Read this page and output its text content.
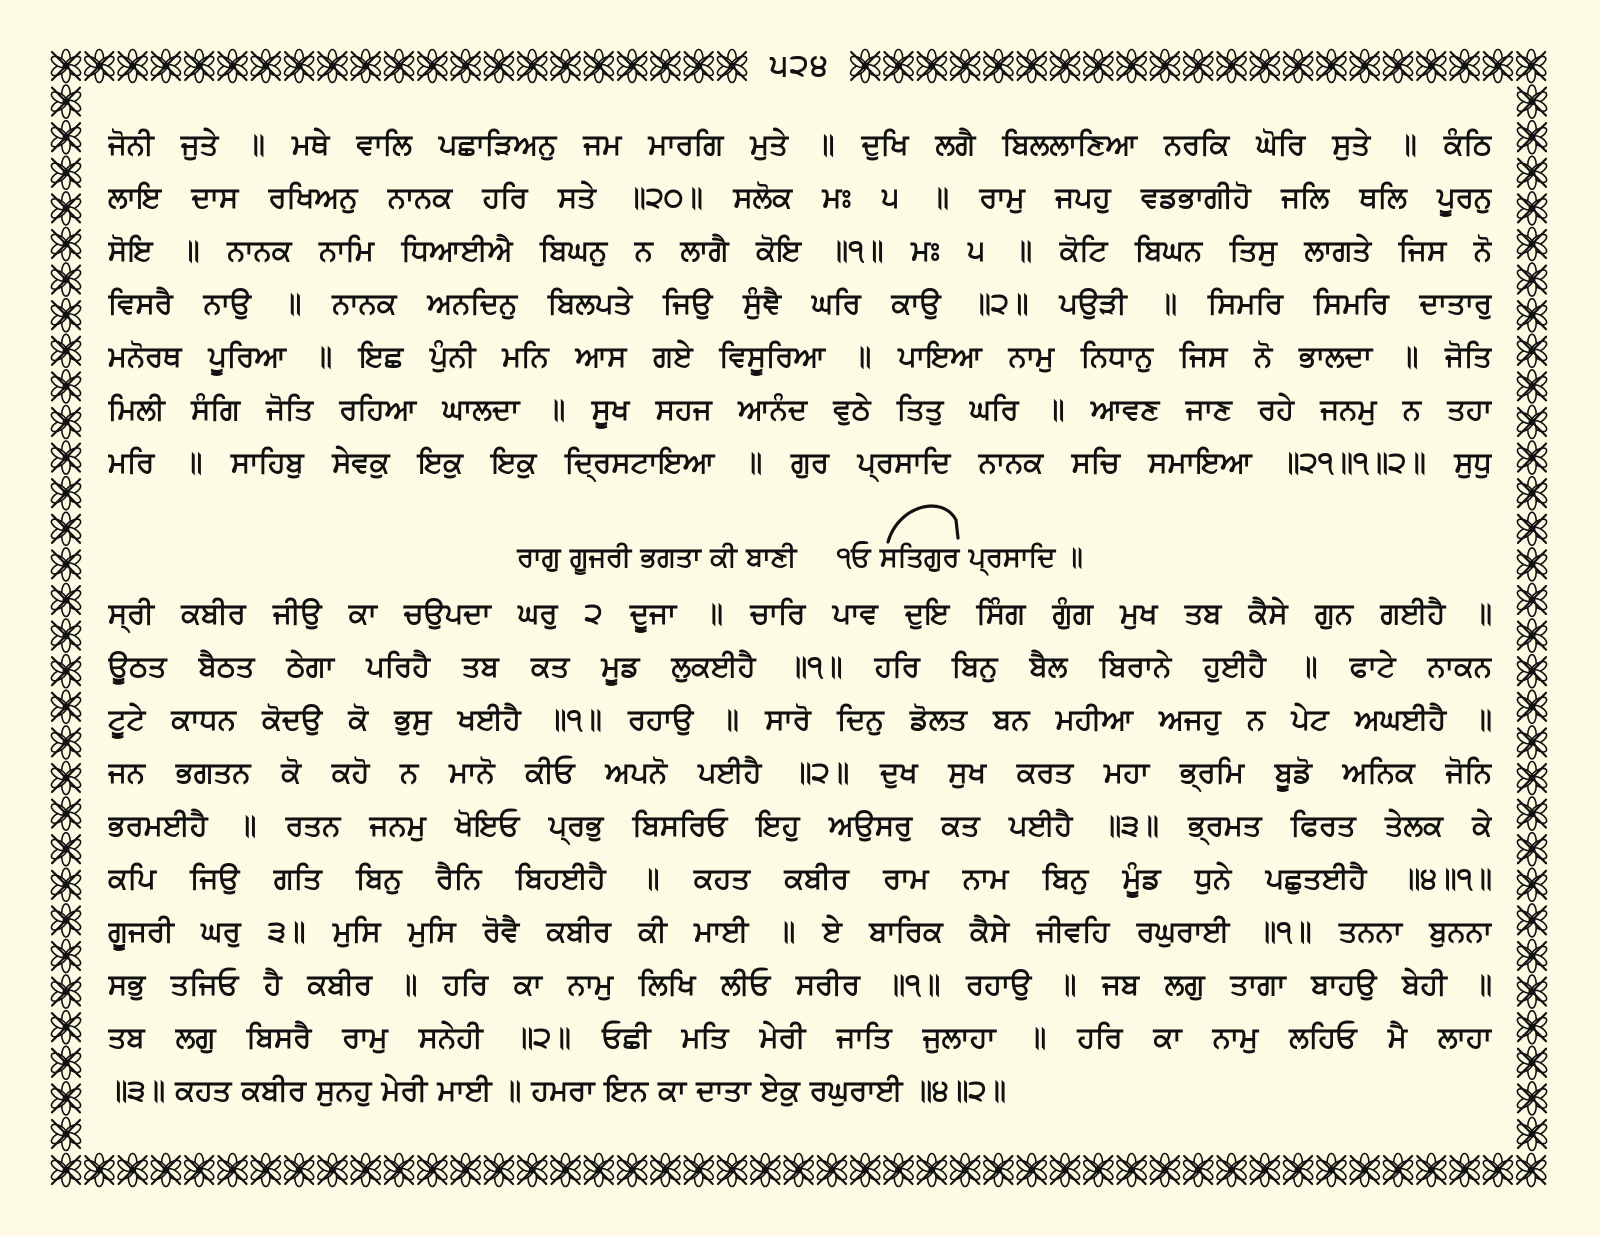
੫੨੪
ਜੋਨੀ ਜੁਤੇ ॥ ਮਥੇ ਵਾਲਿ ਪਛਾੜਿਅਨੁ ਜਮ ਮਾਰਗਿ ਮੁਤੇ ॥ ਦੁਖਿ ਲਗੈ ਬਿਲਲਾਣਿਆ ਨਰਕਿ ਘੋਰਿ ਸੁਤੇ ॥ ਕੰਠਿ
ਲਾਇ ਦਾਸ ਰਖਿਅਨੁ ਨਾਨਕ ਹਰਿ ਸਤੇ ॥੨੦॥ ਸਲੋਕ ਮਃ ੫ ॥ ਰਾਮੁ ਜਪਹੁ ਵਡਭਾਗੀਹੋ ਜਲਿ ਥਲਿ ਪੂਰਨੁ
ਸੋਇ ॥ ਨਾਨਕ ਨਾਮਿ ਧਿਆਈਐ ਬਿਘਨੁ ਨ ਲਾਗੈ ਕੋਇ ॥੧॥ ਮਃ ੫ ॥ ਕੋਟਿ ਬਿਘਨ ਤਿਸੁ ਲਾਗਤੇ ਜਿਸ ਨੋ
ਵਿਸਰੈ ਨਾਉ ॥ ਨਾਨਕ ਅਨਦਿਨੁ ਬਿਲਪਤੇ ਜਿਉ ਸੁੰਞੈ ਘਰਿ ਕਾਉ ॥੨॥ ਪਉੜੀ ॥ ਸਿਮਰਿ ਸਿਮਰਿ ਦਾਤਾਰੁ
ਮਨੋਰਥ ਪੂਰਿਆ ॥ ਇਛ ਪੁੰਨੀ ਮਨਿ ਆਸ ਗਏ ਵਿਸੂਰਿਆ ॥ ਪਾਇਆ ਨਾਮੁ ਨਿਧਾਨੁ ਜਿਸ ਨੋ ਭਾਲਦਾ ॥ ਜੋਤਿ
ਮਿਲੀ ਸੰਗਿ ਜੋਤਿ ਰਹਿਆ ਘਾਲਦਾ ॥ ਸੂਖ ਸਹਜ ਆਨੰਦ ਵੁਠੇ ਤਿਤੁ ਘਰਿ ॥ ਆਵਣ ਜਾਣ ਰਹੇ ਜਨਮੁ ਨ ਤਹਾ
ਮਰਿ ॥ ਸਾਹਿਬੁ ਸੇਵਕੁ ਇਕੁ ਇਕੁ ਦ੍ਰਿਸਟਾਇਆ ॥ ਗੁਰ ਪ੍ਰਸਾਦਿ ਨਾਨਕ ਸਚਿ ਸਮਾਇਆ ॥੨੧॥੧॥੨॥ ਸੁਧੁ
ਰਾਗੁ ਗੂਜਰੀ ਭਗਤਾ ਕੀ ਬਾਣੀ ੧ਓ ਸਤਿਗੁਰ ਪ੍ਰਸਾਦਿ ॥
ਸ੍ਰੀ ਕਬੀਰ ਜੀਉ ਕਾ ਚਉਪਦਾ ਘਰੁ ੨ ਦੂਜਾ ॥ ਚਾਰਿ ਪਾਵ ਦੁਇ ਸਿੰਗ ਗੁੰਗ ਮੁਖ ਤਬ ਕੈਸੇ ਗੁਨ ਗਈਹੈ ॥
ਊਠਤ ਬੈਠਤ ਠੇਗਾ ਪਰਿਹੈ ਤਬ ਕਤ ਮੂਡ ਲੁਕਈਹੈ ॥੧॥ ਹਰਿ ਬਿਨੁ ਬੈਲ ਬਿਰਾਨੇ ਹੁਈਹੈ ॥ ਫਾਟੇ ਨਾਕਨ
ਟੂਟੇ ਕਾਧਨ ਕੋਦਉ ਕੋ ਭੁਸੁ ਖਈਹੈ ॥੧॥ ਰਹਾਉ ॥ ਸਾਰੋ ਦਿਨੁ ਡੋਲਤ ਬਨ ਮਹੀਆ ਅਜਹੁ ਨ ਪੇਟ ਅਘਈਹੈ ॥
ਜਨ ਭਗਤਨ ਕੋ ਕਹੋ ਨ ਮਾਨੋ ਕੀਓ ਅਪਨੋ ਪਈਹੈ ॥੨॥ ਦੁਖ ਸੁਖ ਕਰਤ ਮਹਾ ਭ੍ਰਮਿ ਬੂਡੋ ਅਨਿਕ ਜੋਨਿ
ਭਰਮਈਹੈ ॥ ਰਤਨ ਜਨਮੁ ਖੋਇਓ ਪ੍ਰਭੁ ਬਿਸਰਿਓ ਇਹੁ ਅਉਸਰੁ ਕਤ ਪਈਹੈ ॥੩॥ ਭ੍ਰਮਤ ਫਿਰਤ ਤੇਲਕ ਕੇ
ਕਪਿ ਜਿਉ ਗਤਿ ਬਿਨੁ ਰੈਨਿ ਬਿਹਈਹੈ ॥ ਕਹਤ ਕਬੀਰ ਰਾਮ ਨਾਮ ਬਿਨੁ ਮੂੰਡ ਧੁਨੇ ਪਛੁਤਈਹੈ ॥੪॥੧॥
ਗੂਜਰੀ ਘਰੁ ੩॥ ਮੁਸਿ ਮੁਸਿ ਰੋਵੈ ਕਬੀਰ ਕੀ ਮਾਈ ॥ ਏ ਬਾਰਿਕ ਕੈਸੇ ਜੀਵਹਿ ਰਘੁਰਾਈ ॥੧॥ ਤਨਨਾ ਬੁਨਨਾ
ਸਭੁ ਤਜਿਓ ਹੈ ਕਬੀਰ ॥ ਹਰਿ ਕਾ ਨਾਮੁ ਲਿਖਿ ਲੀਓ ਸਰੀਰ ॥੧॥ ਰਹਾਉ ॥ ਜਬ ਲਗੁ ਤਾਗਾ ਬਾਹਉ ਬੇਹੀ ॥
ਤਬ ਲਗੁ ਬਿਸਰੈ ਰਾਮੁ ਸਨੇਹੀ ॥੨॥ ਓਛੀ ਮਤਿ ਮੇਰੀ ਜਾਤਿ ਜੁਲਾਹਾ ॥ ਹਰਿ ਕਾ ਨਾਮੁ ਲਹਿਓ ਮੈ ਲਾਹਾ
॥੩॥ ਕਹਤ ਕਬੀਰ ਸੁਨਹੁ ਮੇਰੀ ਮਾਈ ॥ ਹਮਰਾ ਇਨ ਕਾ ਦਾਤਾ ਏਕੁ ਰਘੁਰਾਈ ॥੪॥੨॥
